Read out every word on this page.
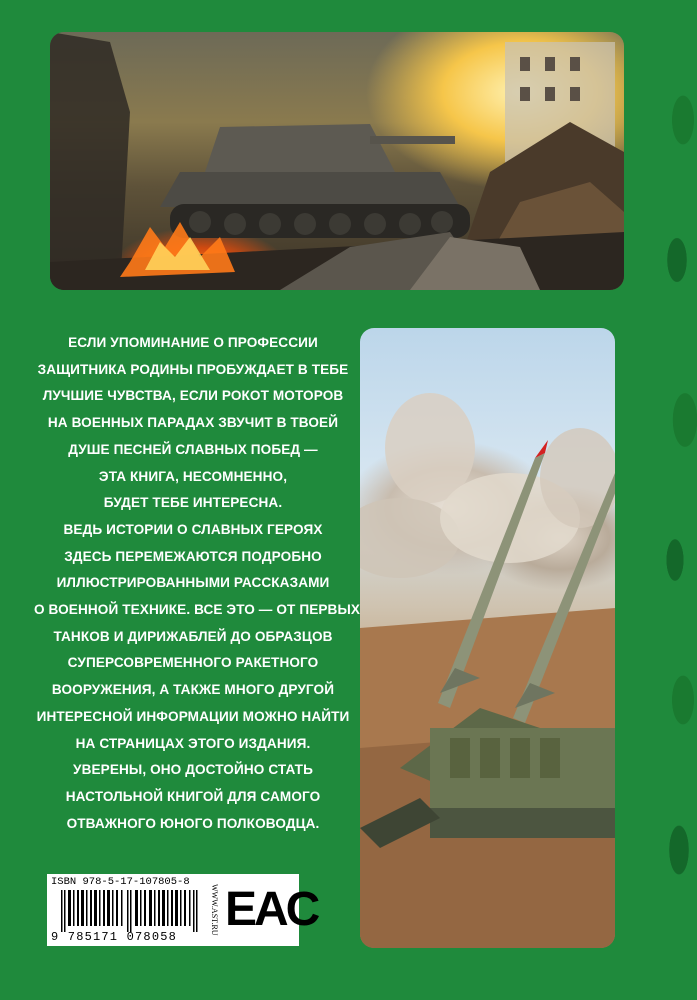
ЕСЛИ УПОМИНАНИЕ О ПРОФЕССИИ

ЗАЩИТНИКА РОДИНЫ ПРОБУЖДАЕТ В ТЕБЕ

ЛУЧШИЕ ЧУВСТВА, ЕСЛИ РОКОТ МОТОРОВ

НА ВОЕННЫХ ПАРАДАХ ЗВУЧИТ В ТВОЕЙ

ДУШЕ ПЕСНЕЙ СЛАВНЫХ ПОБЕД —

ЭТА КНИГА, НЕСОМНЕННО,

БУДЕТ ТЕБЕ ИНТЕРЕСНА.

ВЕДЬ ИСТОРИИ О СЛАВНЫХ ГЕРОЯХ

ЗДЕСЬ ПЕРЕМЕЖАЮТСЯ ПОДРОБНО

ИЛЛЮСТРИРОВАННЫМИ РАССКАЗАМИ

О ВОЕННОЙ ТЕХНИКЕ. ВСЕ ЭТО — ОТ ПЕРВЫХ

ТАНКОВ И ДИРИЖАБЛЕЙ ДО ОБРАЗЦОВ

СУПЕРСОВРЕМЕННОГО РАКЕТНОГО

ВООРУЖЕНИЯ, А ТАКЖЕ МНОГО ДРУГОЙ

ИНТЕРЕСНОЙ ИНФОРМАЦИИ МОЖНО НАЙТИ

НА СТРАНИЦАХ ЭТОГО ИЗДАНИЯ.

УВЕРЕНЫ, ОНО ДОСТОЙНО СТАТЬ

НАСТОЛЬНОЙ КНИГОЙ ДЛЯ САМОГО

ОТВАЖНОГО ЮНОГО ПОЛКОВОДЦА.

ISBN 978-5-17-107805-8
9 785171 078058
WWW.AST.RU EAC
